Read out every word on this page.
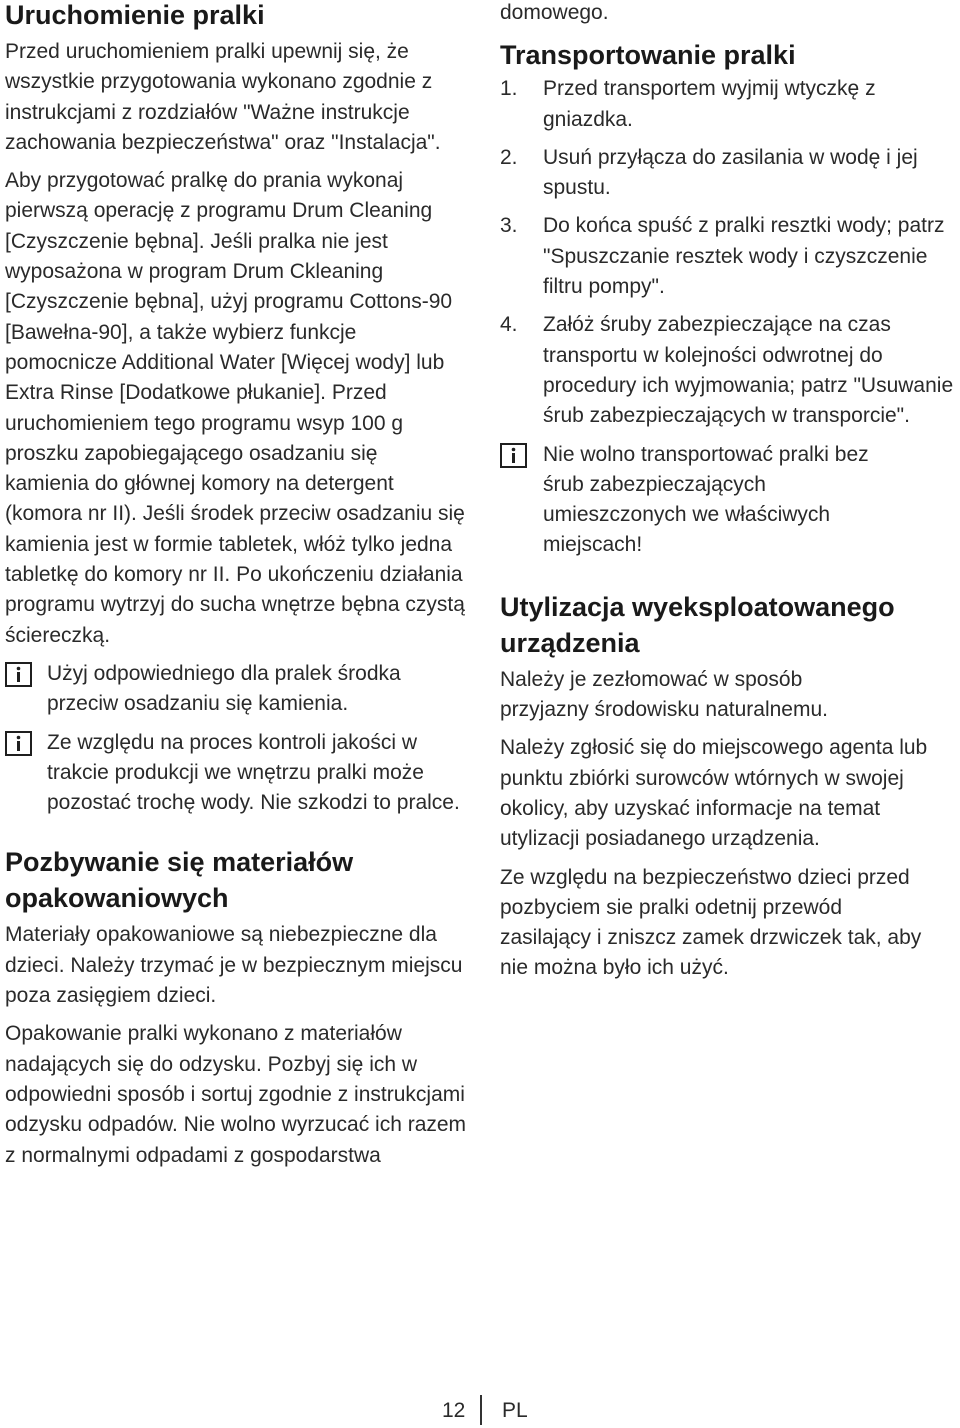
Uruchomienie pralki

Przed uruchomieniem pralki upewnij się, że wszystkie przygotowania wykonano zgodnie z instrukcjami z rozdziałów "Ważne instrukcje zachowania bezpieczeństwa" oraz "Instalacja".

Aby przygotować pralkę do prania wykonaj pierwszą operację z programu Drum Cleaning [Czyszczenie bębna]. Jeśli pralka nie jest wyposażona w program Drum Ckleaning [Czyszczenie bębna], użyj programu Cottons-90 [Bawełna-90], a także wybierz funkcje pomocnicze Additional Water [Więcej wody] lub Extra Rinse [Dodatkowe płukanie]. Przed uruchomieniem tego programu wsyp 100 g proszku zapobiegającego osadzaniu się kamienia do głównej komory na detergent (komora nr II). Jeśli środek przeciw osadzaniu się kamienia jest w formie tabletek, włóż tylko jedna tabletkę do komory nr II. Po ukończeniu działania programu wytrzyj do sucha wnętrze bębna czystą ściereczką.

Użyj odpowiedniego dla pralek środka przeciw osadzaniu się kamienia.

Ze względu na proces kontroli jakości w trakcie produkcji we wnętrzu pralki może pozostać trochę wody. Nie szkodzi to pralce.

Pozbywanie się materiałów opakowaniowych

Materiały opakowaniowe są niebezpieczne dla dzieci. Należy trzymać je w bezpiecznym miejscu poza zasięgiem dzieci.

Opakowanie pralki wykonano z materiałów nadających się do odzysku. Pozbyj się ich w odpowiedni sposób i sortuj zgodnie z instrukcjami odzysku odpadów. Nie wolno wyrzucać ich razem z normalnymi odpadami z gospodarstwa

domowego.

Transportowanie pralki
1. Przed transportem wyjmij wtyczkę z gniazdka.
2. Usuń przyłącza do zasilania w wodę i jej spustu.
3. Do końca spuść z pralki resztki wody; patrz "Spuszczanie resztek wody i czyszczenie filtru pompy".
4. Załóż śruby zabezpieczające na czas transportu w kolejności odwrotnej do procedury ich wyjmowania; patrz "Usuwanie śrub zabezpieczających w transporcie".

Nie wolno transportować pralki bez śrub zabezpieczających umieszczonych we właściwych miejscach!

Utylizacja wyeksploatowanego urządzenia

Należy je zezłomować w sposób przyjazny środowisku naturalnemu.

Należy zgłosić się do miejscowego agenta lub punktu zbiórki surowców wtórnych w swojej okolicy, aby uzyskać informacje na temat utylizacji posiadanego urządzenia.

Ze względu na bezpieczeństwo dzieci przed pozbyciem sie pralki odetnij przewód zasilający i zniszcz zamek drzwiczek tak, aby nie można było ich użyć.

12 PL
